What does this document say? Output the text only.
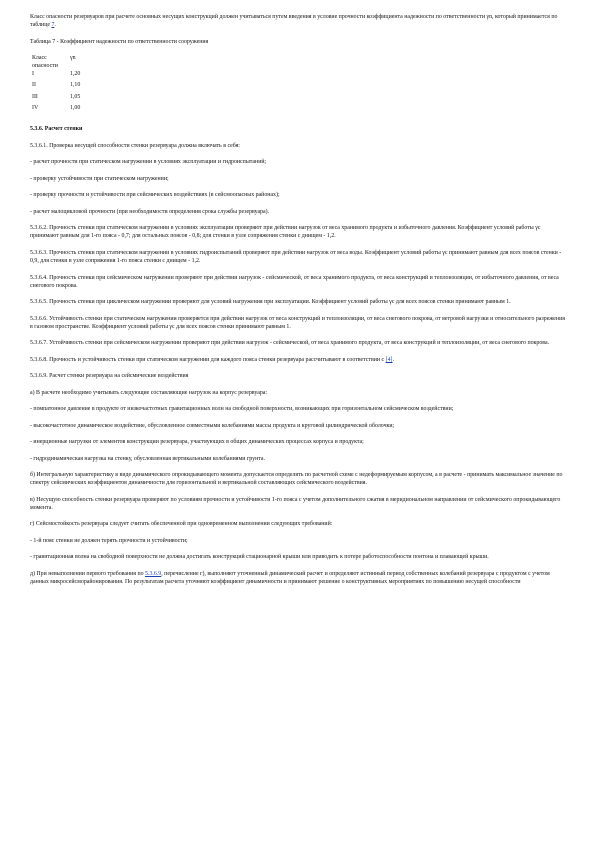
Класс опасности резервуаров при расчете основных несущих конструкций должен учитываться путем введения в условие прочности коэффициента надежности по ответственности γn, который принимается по таблице 7.

Таблица 7 - Коэффициент надежности по ответственности сооружения

Класс опасности	γn
I	1,20
II	1,10
III	1,05
IV	1,00

5.3.6. Расчет стенки

5.3.6.1. Проверка несущей способности стенки резервуара должна включать в себя:

- расчет прочности при статическом нагружении в условиях эксплуатации и гидроиспытаний;

- проверку устойчивости при статическом нагружении;

- проверку прочности и устойчивости при сейсмических воздействиях (в сейсмоопасных районах);

- расчет малоцикловой прочности (при необходимости определения срока службы резервуара).

5.3.6.2. Прочность стенки при статическом нагружении в условиях эксплуатации проверяют при действии нагрузок от веса хранимого продукта и избыточного давления. Коэффициент условий работы γc принимают равным для 1-го пояса - 0,7; для остальных поясов - 0,8; для стенки в узле сопряжения стенки с днищем - 1,2.

5.3.6.3. Прочность стенки при статическом нагружении в условиях гидроиспытаний проверяют при действии нагрузок от веса воды. Коэффициент условий работы γc принимают равным для всех поясов стенки - 0,9, для стенки в узле сопряжения 1-го пояса стенки с днищем - 1,2.

5.3.6.4. Прочность стенки при сейсмическом нагружении проверяют при действии нагрузок - сейсмической, от веса хранимого продукта, от веса конструкций и теплоизоляции, от избыточного давления, от веса снегового покрова.

5.3.6.5. Прочность стенки при циклическом нагружении проверяют для условий нагружения при эксплуатации. Коэффициент условий работы γc для всех поясов стенки принимают равным 1.

5.3.6.6. Устойчивость стенки при статическом нагружении проверяется при действии нагрузок от веса конструкций и теплоизоляции, от веса снегового покрова, от ветровой нагрузки и относительного разрежения в газовом пространстве. Коэффициент условий работы γc для всех поясов стенки принимают равным 1.

5.3.6.7. Устойчивость стенки при сейсмическом нагружении проверяют при действии нагрузок - сейсмической, от веса хранимого продукта, от веса конструкций и теплоизоляции, от веса снегового покрова.

5.3.6.8. Прочность и устойчивость стенки при статическом нагружении для каждого пояса стенки резервуара рассчитывают в соответствии с [4].

5.3.6.9. Расчет стенки резервуара на сейсмические воздействия

а) В расчете необходимо учитывать следующие составляющие нагрузок на корпус резервуара:

- помпатонное давление в продукте от низкочастотных гравитационных волн на свободной поверхности, возникающих при горизонтальном сейсмическом воздействии;

- высокочастотное динамическое воздействие, обусловленное совместными колебаниями массы продукта и круговой цилиндрической оболочки;

- инерционные нагрузки от элементов конструкции резервуара, участвующих в общих динамических процессах корпуса и продукта;

- гидродинамическая нагрузка на стенку, обусловленная вертикальными колебаниями грунта.

б) Интегральную характеристику в виде динамического опрокидывающего момента допускается определять по расчетной схеме с недеформируемым корпусом, а в расчете - принимать максимальное значение по спектру сейсмических коэффициентов динамичности для горизонтальной и вертикальной составляющих сейсмического воздействия.

в) Несущую способность стенки резервуара проверяют по условиям прочности и устойчивости 1-го пояса с учетом дополнительного сжатия в меридиональном направлении от сейсмического опрокидывающего момента.

г) Сейсмостойкость резервуара следует считать обеспеченной при одновременном выполнении следующих требований:

- 1-й пояс стенки не должен терять прочности и устойчивости;

- гравитационная волна на свободной поверхности не должна достигать конструкций стационарной крыши или приводить к потере работоспособности понтона и плавающей крыши.

д) При невыполнении первого требования по 5.3.6.9, перечисление г), выполняют уточненный динамический расчет и определяют истинный период собственных колебаний резервуара с продуктом с учетом данных микросейсморайонирования. По результатам расчета уточняют коэффициент динамичности и принимают решение о конструктивных мероприятиях по повышению несущей способности
